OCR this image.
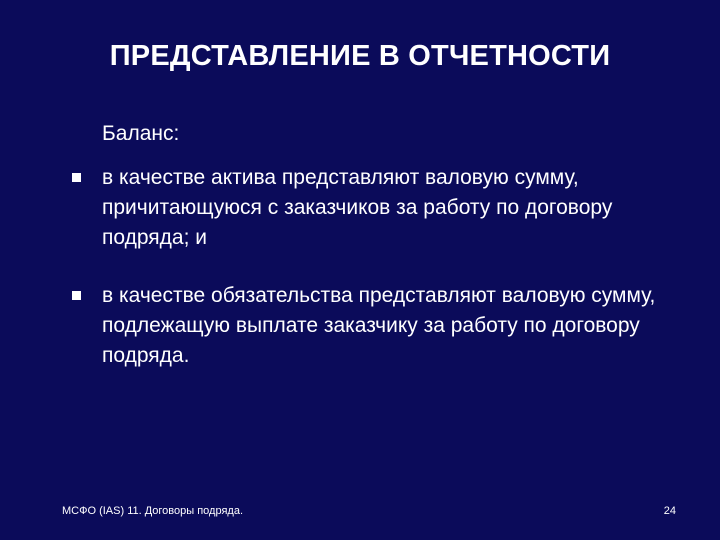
ПРЕДСТАВЛЕНИЕ В ОТЧЕТНОСТИ
Баланс:
в качестве актива представляют валовую сумму, причитающуюся с заказчиков за работу по договору подряда; и
в качестве обязательства представляют валовую сумму, подлежащую выплате заказчику за работу по договору подряда.
МСФО (IAS) 11. Договоры подряда.	24
